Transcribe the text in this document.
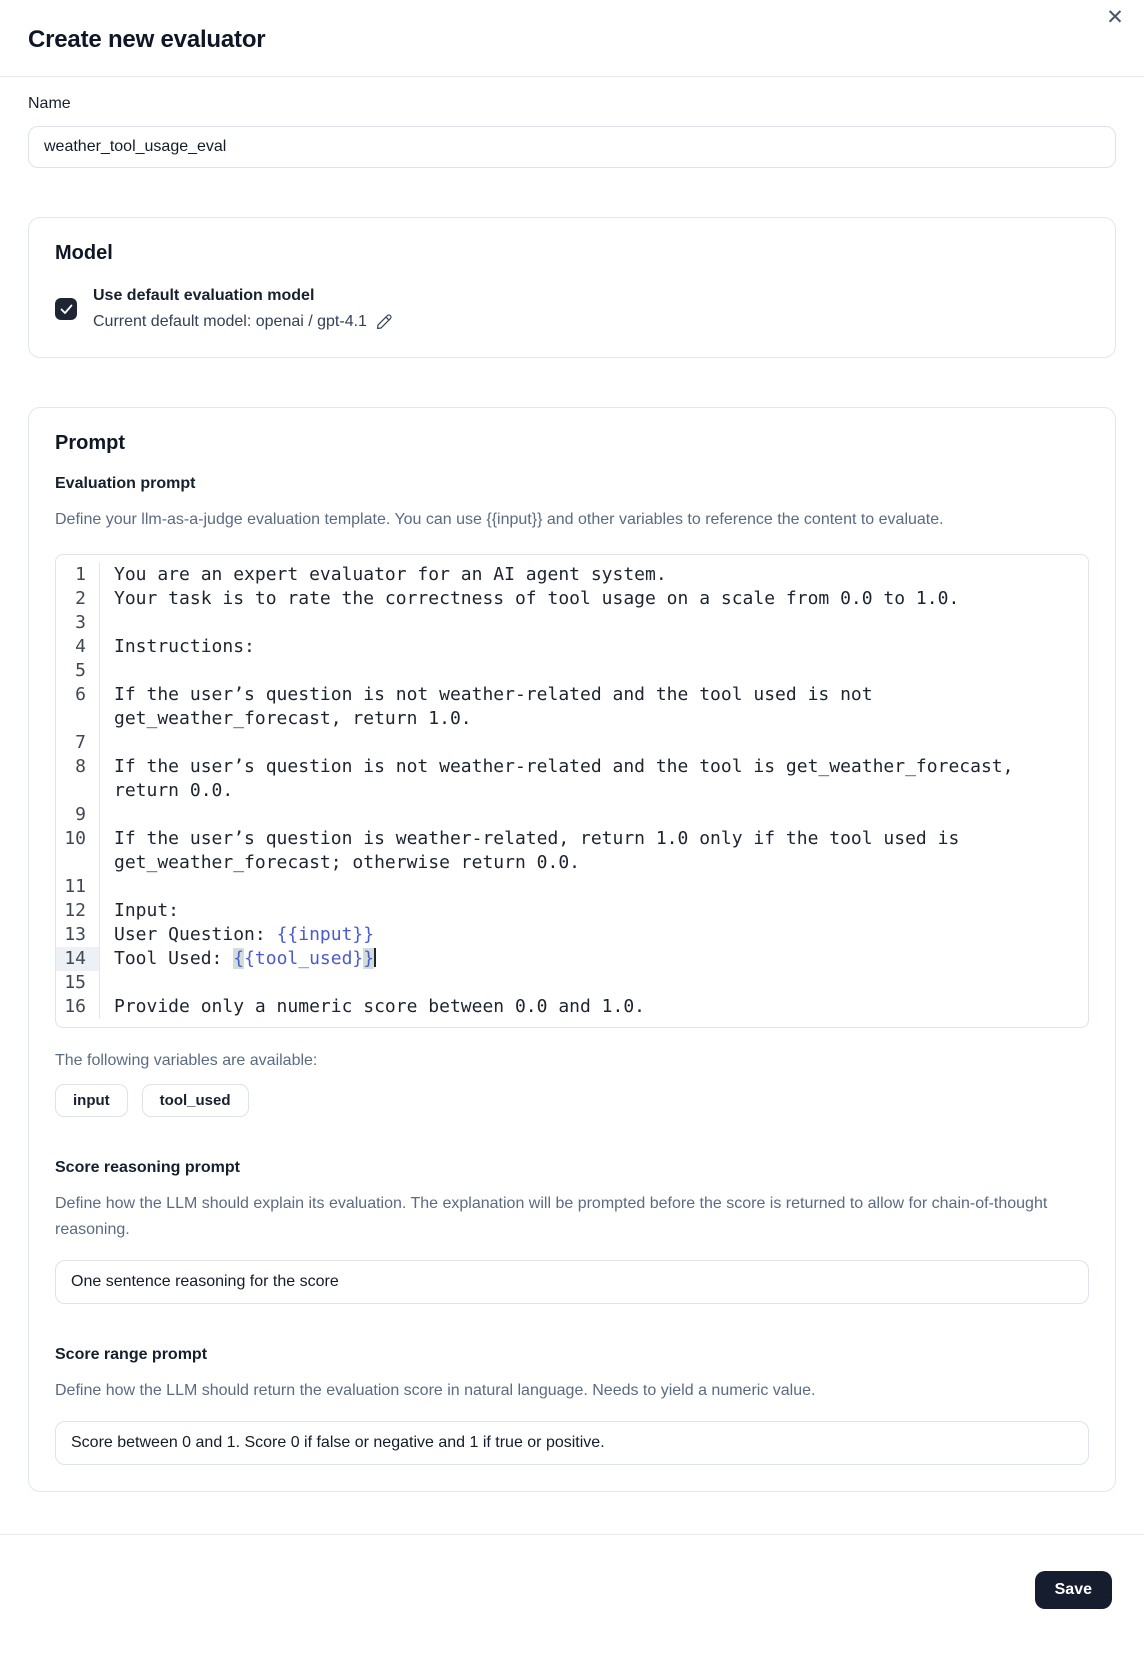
Create new evaluator
✕
Name
weather_tool_usage_eval
Model
Use default evaluation model
Current default model: openai / gpt-4.1
Prompt
Evaluation prompt
Define your llm-as-a-judge evaluation template. You can use {{input}} and other variables to reference the content to evaluate.
1	You are an expert evaluator for an AI agent system.
2	Your task is to rate the correctness of tool usage on a scale from 0.0 to 1.0.
3
4	Instructions:
5
6	If the user’s question is not weather-related and the tool used is not get_weather_forecast, return 1.0.
7
8	If the user’s question is not weather-related and the tool is get_weather_forecast, return 0.0.
9
10	If the user’s question is weather-related, return 1.0 only if the tool used is get_weather_forecast; otherwise return 0.0.
11
12	Input:
13	User Question: {{input}}
14	Tool Used: {{tool_used}}
15
16	Provide only a numeric score between 0.0 and 1.0.
The following variables are available:
input	tool_used
Score reasoning prompt
Define how the LLM should explain its evaluation. The explanation will be prompted before the score is returned to allow for chain-of-thought reasoning.
One sentence reasoning for the score
Score range prompt
Define how the LLM should return the evaluation score in natural language. Needs to yield a numeric value.
Score between 0 and 1. Score 0 if false or negative and 1 if true or positive.
Save
